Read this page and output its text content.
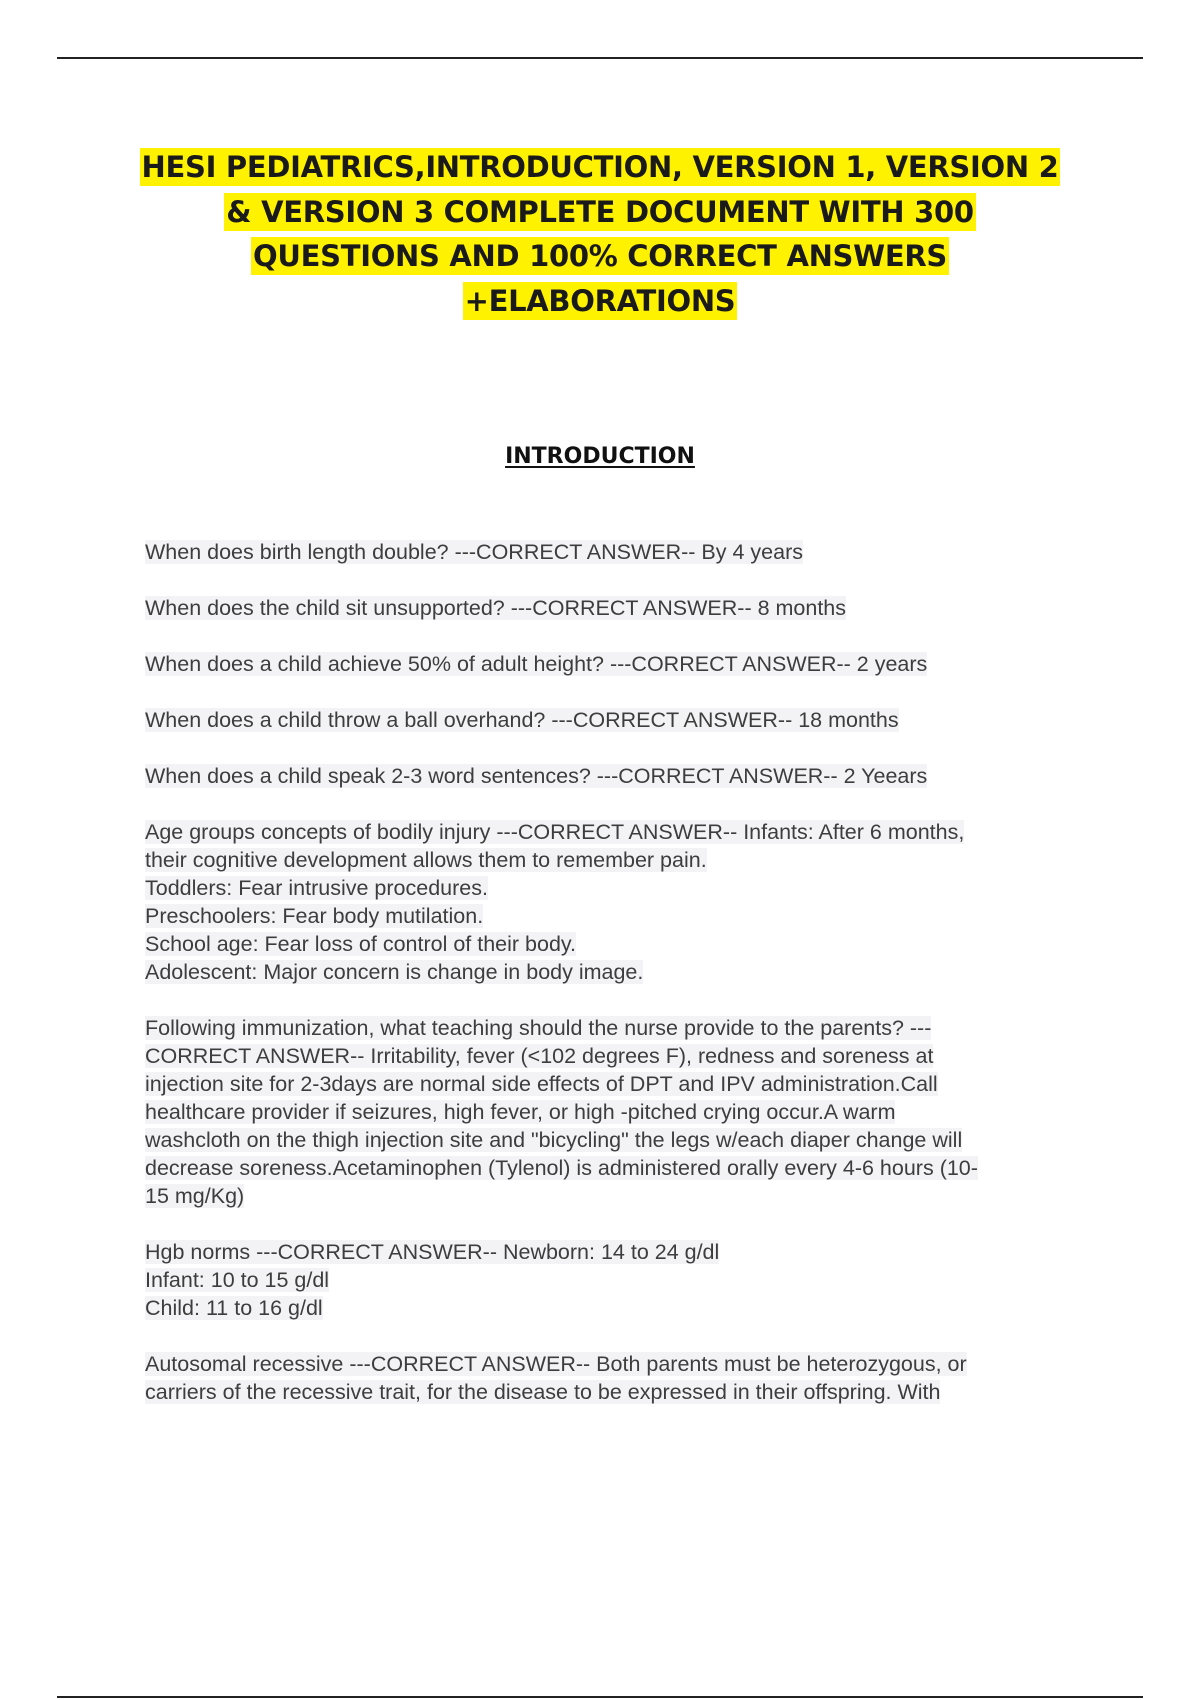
HESI PEDIATRICS,INTRODUCTION, VERSION 1, VERSION 2
& VERSION 3 COMPLETE DOCUMENT WITH 300
QUESTIONS AND 100% CORRECT ANSWERS
+ELABORATIONS
INTRODUCTION
When does birth length double? ---CORRECT ANSWER-- By 4 years
When does the child sit unsupported? ---CORRECT ANSWER-- 8 months
When does a child achieve 50% of adult height? ---CORRECT ANSWER-- 2 years
When does a child throw a ball overhand? ---CORRECT ANSWER-- 18 months
When does a child speak 2-3 word sentences? ---CORRECT ANSWER-- 2 Yeears
Age groups concepts of bodily injury ---CORRECT ANSWER-- Infants: After 6 months,
their cognitive development allows them to remember pain.
Toddlers: Fear intrusive procedures.
Preschoolers: Fear body mutilation.
School age: Fear loss of control of their body.
Adolescent: Major concern is change in body image.
Following immunization, what teaching should the nurse provide to the parents? ---
CORRECT ANSWER-- Irritability, fever (<102 degrees F), redness and soreness at
injection site for 2-3days are normal side effects of DPT and IPV administration.Call
healthcare provider if seizures, high fever, or high -pitched crying occur.A warm
washcloth on the thigh injection site and "bicycling" the legs w/each diaper change will
decrease soreness.Acetaminophen (Tylenol) is administered orally every 4-6 hours (10-
15 mg/Kg)
Hgb norms ---CORRECT ANSWER-- Newborn: 14 to 24 g/dl
Infant: 10 to 15 g/dl
Child: 11 to 16 g/dl
Autosomal recessive ---CORRECT ANSWER-- Both parents must be heterozygous, or
carriers of the recessive trait, for the disease to be expressed in their offspring. With
